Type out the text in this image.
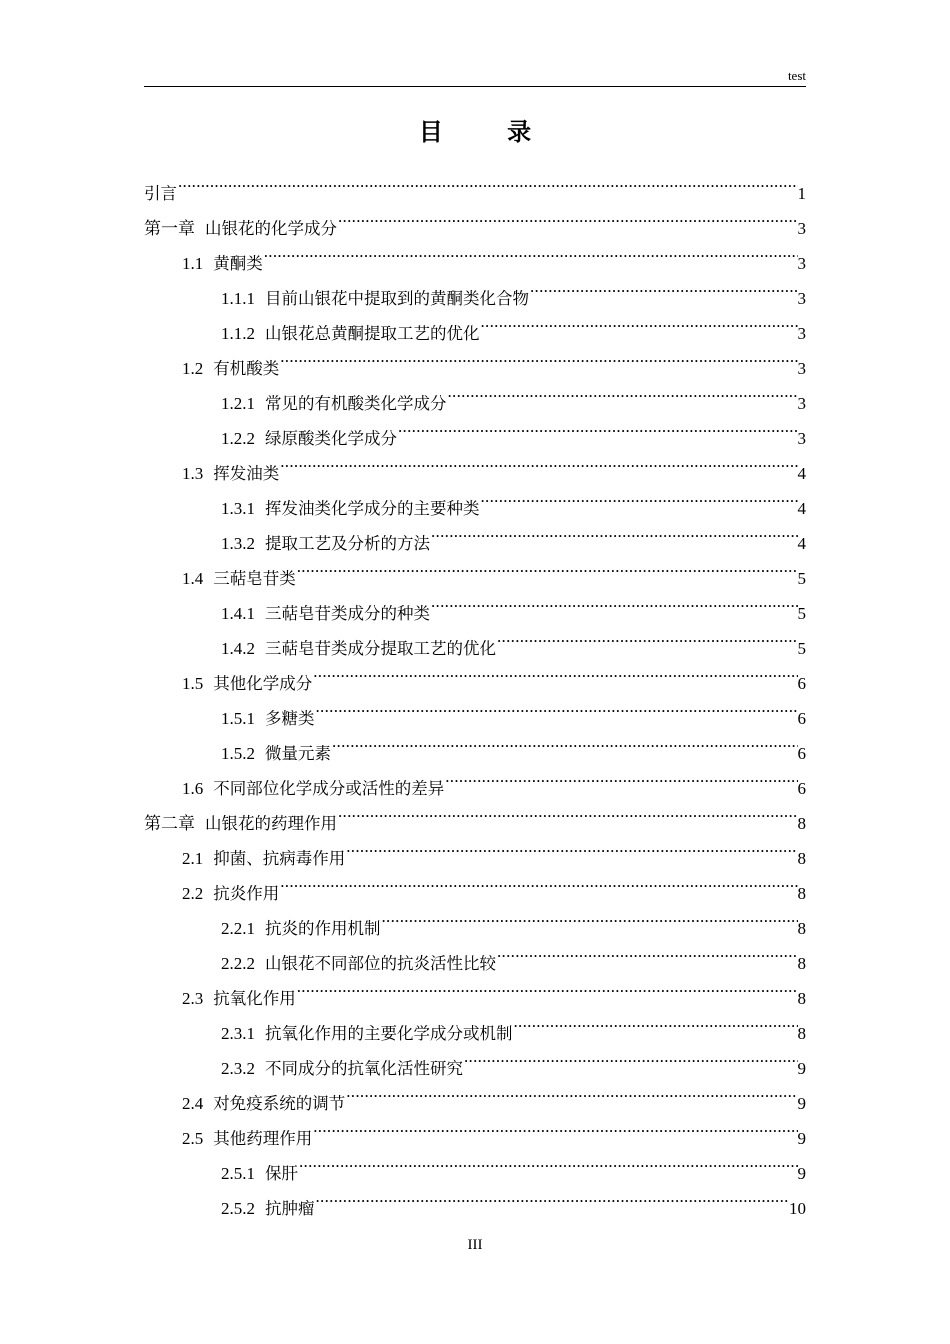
test
目 录
引言 .....	1
第一章 山银花的化学成分 .....	3
1.1 黄酮类 .....	3
1.1.1 目前山银花中提取到的黄酮类化合物 .....	3
1.1.2 山银花总黄酮提取工艺的优化 .....	3
1.2 有机酸类 .....	3
1.2.1 常见的有机酸类化学成分 .....	3
1.2.2 绿原酸类化学成分 .....	3
1.3 挥发油类 .....	4
1.3.1 挥发油类化学成分的主要种类 .....	4
1.3.2 提取工艺及分析的方法 .....	4
1.4 三萜皂苷类 .....	5
1.4.1 三萜皂苷类成分的种类 .....	5
1.4.2 三萜皂苷类成分提取工艺的优化 .....	5
1.5 其他化学成分 .....	6
1.5.1 多糖类 .....	6
1.5.2 微量元素 .....	6
1.6 不同部位化学成分或活性的差异 .....	6
第二章 山银花的药理作用 .....	8
2.1 抑菌、抗病毒作用 .....	8
2.2 抗炎作用 .....	8
2.2.1 抗炎的作用机制 .....	8
2.2.2 山银花不同部位的抗炎活性比较 .....	8
2.3 抗氧化作用 .....	8
2.3.1 抗氧化作用的主要化学成分或机制 .....	8
2.3.2 不同成分的抗氧化活性研究 .....	9
2.4 对免疫系统的调节 .....	9
2.5 其他药理作用 .....	9
2.5.1 保肝 .....	9
2.5.2 抗肿瘤 .....	10
III
